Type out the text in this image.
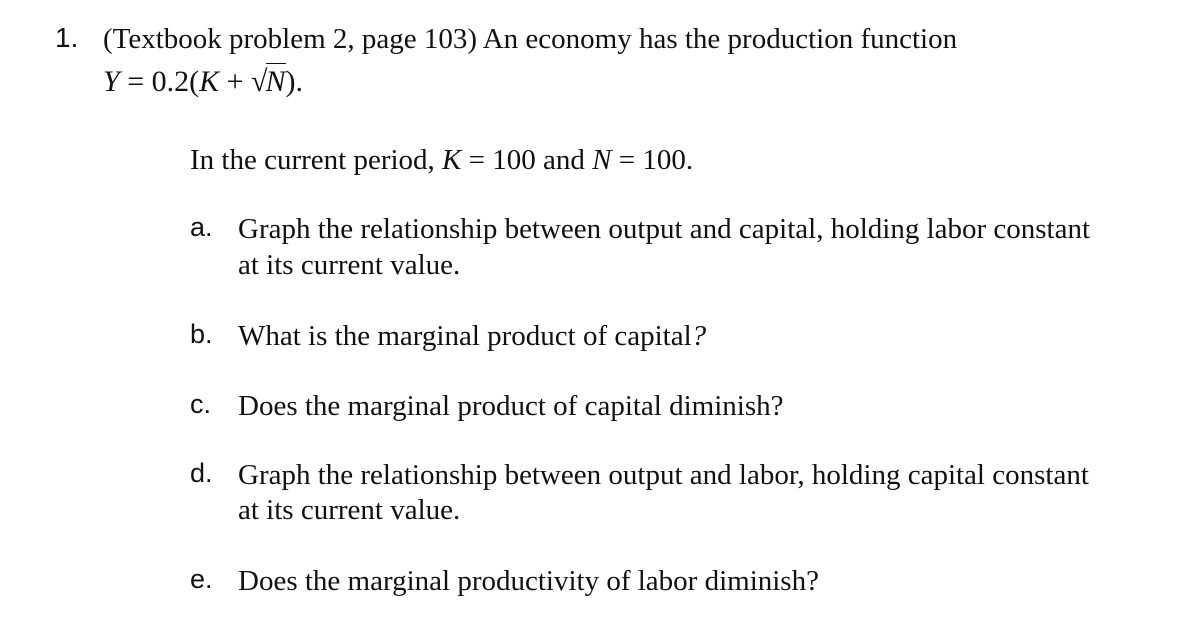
1. (Textbook problem 2, page 103) An economy has the production function
Y = 0.2(K + √N).
In the current period, K = 100 and N = 100.
a. Graph the relationship between output and capital, holding labor constant
at its current value.
b. What is the marginal product of capital?
c. Does the marginal product of capital diminish?
d. Graph the relationship between output and labor, holding capital constant
at its current value.
e. Does the marginal productivity of labor diminish?
